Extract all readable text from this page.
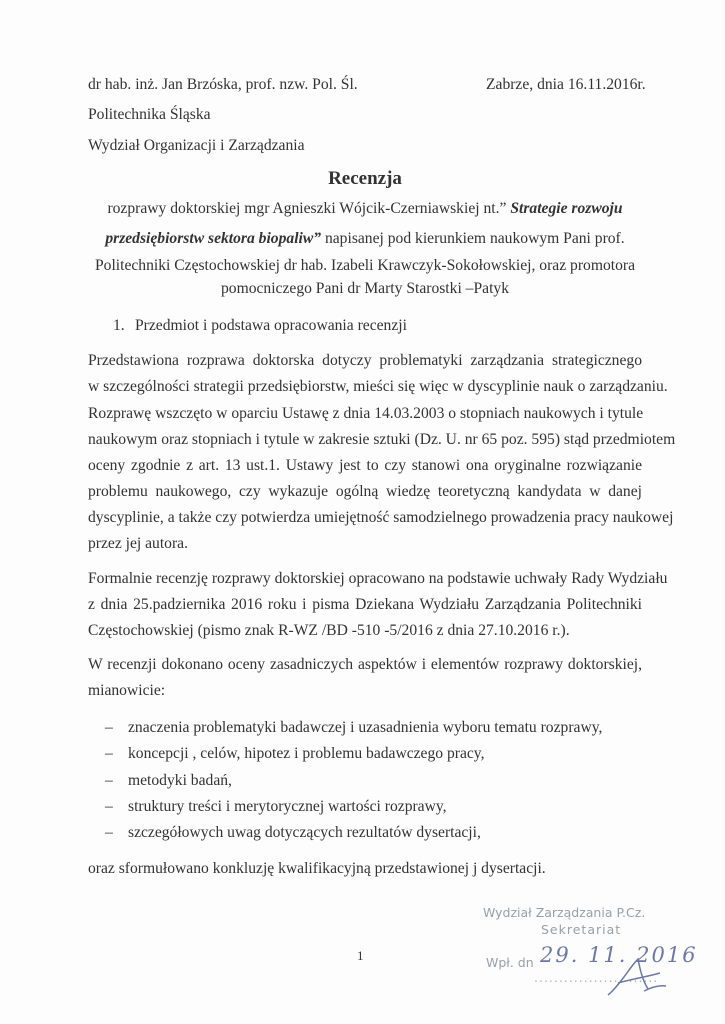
dr hab. inż. Jan Brzóska, prof. nzw. Pol. Śl.	Zabrze, dnia 16.11.2016r.
Politechnika Śląska
Wydział Organizacji i Zarządzania
Recenzja
rozprawy doktorskiej mgr Agnieszki Wójcik-Czerniawskiej nt.” Strategie rozwoju
przedsiębiorstw sektora biopaliw” napisanej pod kierunkiem naukowym Pani prof.
Politechniki Częstochowskiej dr hab. Izabeli Krawczyk-Sokołowskiej, oraz promotora
pomocniczego Pani dr Marty Starostki –Patyk
1. Przedmiot i podstawa opracowania recenzji
Przedstawiona rozprawa doktorska dotyczy problematyki zarządzania strategicznego
w szczególności strategii przedsiębiorstw, mieści się więc w dyscyplinie nauk o zarządzaniu.
Rozprawę wszczęto w oparciu Ustawę z dnia 14.03.2003 o stopniach naukowych i tytule
naukowym oraz stopniach i tytule w zakresie sztuki (Dz. U. nr 65 poz. 595) stąd przedmiotem
oceny zgodnie z art. 13 ust.1. Ustawy jest to czy stanowi ona oryginalne rozwiązanie
problemu naukowego, czy wykazuje ogólną wiedzę teoretyczną kandydata w danej
dyscyplinie, a także czy potwierdza umiejętność samodzielnego prowadzenia pracy naukowej
przez jej autora.
Formalnie recenzję rozprawy doktorskiej opracowano na podstawie uchwały Rady Wydziału
z dnia 25.padziernika 2016 roku i pisma Dziekana Wydziału Zarządzania Politechniki
Częstochowskiej (pismo znak R-WZ /BD -510 -5/2016 z dnia 27.10.2016 r.).
W recenzji dokonano oceny zasadniczych aspektów i elementów rozprawy doktorskiej,
mianowicie:
– znaczenia problematyki badawczej i uzasadnienia wyboru tematu rozprawy,
– koncepcji , celów, hipotez i problemu badawczego pracy,
– metodyki badań,
– struktury treści i merytorycznej wartości rozprawy,
– szczegółowych uwag dotyczących rezultatów dysertacji,
oraz sformułowano konkluzję kwalifikacyjną przedstawionej j dysertacji.
1
Wydział Zarządzania P.Cz.
Sekretariat
Wpł. dn
.........................
29. 11. 2016
